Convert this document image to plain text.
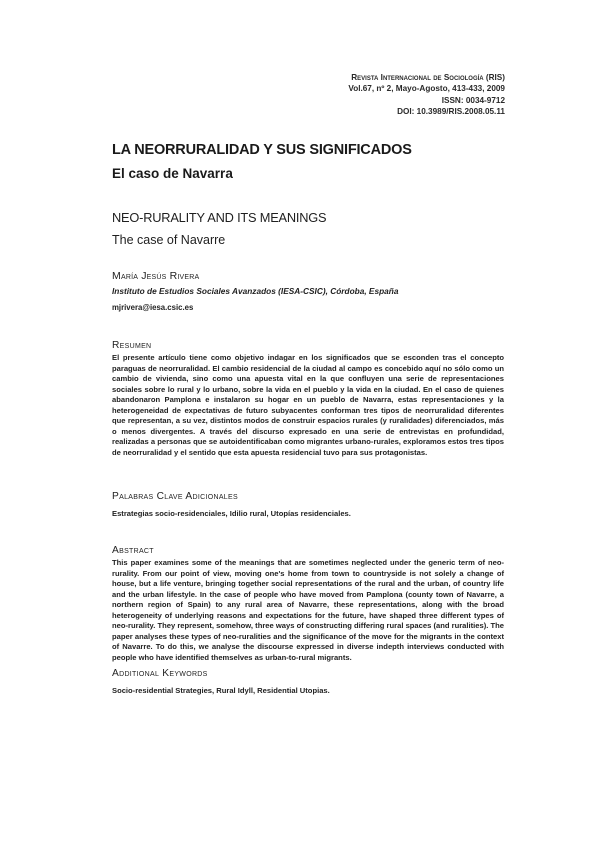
Revista Internacional de Sociología (RIS)
Vol.67, nº 2, Mayo-Agosto, 413-433, 2009
ISSN: 0034-9712
DOI: 10.3989/RIS.2008.05.11
LA NEORRURALIDAD Y SUS SIGNIFICADOS
El caso de Navarra
NEO-RURALITY AND ITS MEANINGS
The case of Navarre
María Jesús Rivera
Instituto de Estudios Sociales Avanzados (IESA-CSIC), Córdoba, España
mjrivera@iesa.csic.es
Resumen

El presente artículo tiene como objetivo indagar en los significados que se esconden tras el concepto paraguas de neorruralidad. El cambio residencial de la ciudad al campo es concebido aquí no sólo como un cambio de vivienda, sino como una apuesta vital en la que confluyen una serie de representaciones sociales sobre lo rural y lo urbano, sobre la vida en el pueblo y la vida en la ciudad. En el caso de quienes abandonaron Pamplona e instalaron su hogar en un pueblo de Navarra, estas representaciones y la heterogeneidad de expectativas de futuro subyacentes conforman tres tipos de neorruralidad diferentes que representan, a su vez, distintos modos de construir espacios rurales (y ruralidades) diferenciados, más o menos divergentes. A través del discurso expresado en una serie de entrevistas en profundidad, realizadas a personas que se autoidentificaban como migrantes urbano-rurales, exploramos estos tres tipos de neorruralidad y el sentido que esta apuesta residencial tuvo para sus protagonistas.

Palabras Clave Adicionales

Estrategias socio-residenciales, Idilio rural, Utopías residenciales.

Abstract

This paper examines some of the meanings that are sometimes neglected under the generic term of neo-rurality. From our point of view, moving one's home from town to countryside is not solely a change of house, but a life venture, bringing together social representations of the rural and the urban, of country life and the urban lifestyle. In the case of people who have moved from Pamplona (county town of Navarre, a northern region of Spain) to any rural area of Navarre, these representations, along with the broad heterogeneity of underlying reasons and expectations for the future, have shaped three different types of neo-rurality. They represent, somehow, three ways of constructing differing rural spaces (and ruralities). The paper analyses these types of neo-ruralities and the significance of the move for the migrants in the context of Navarre. To do this, we analyse the discourse expressed in diverse indepth interviews conducted with people who have identified themselves as urban-to-rural migrants.

Additional Keywords

Socio-residential Strategies, Rural Idyll, Residential Utopias.
